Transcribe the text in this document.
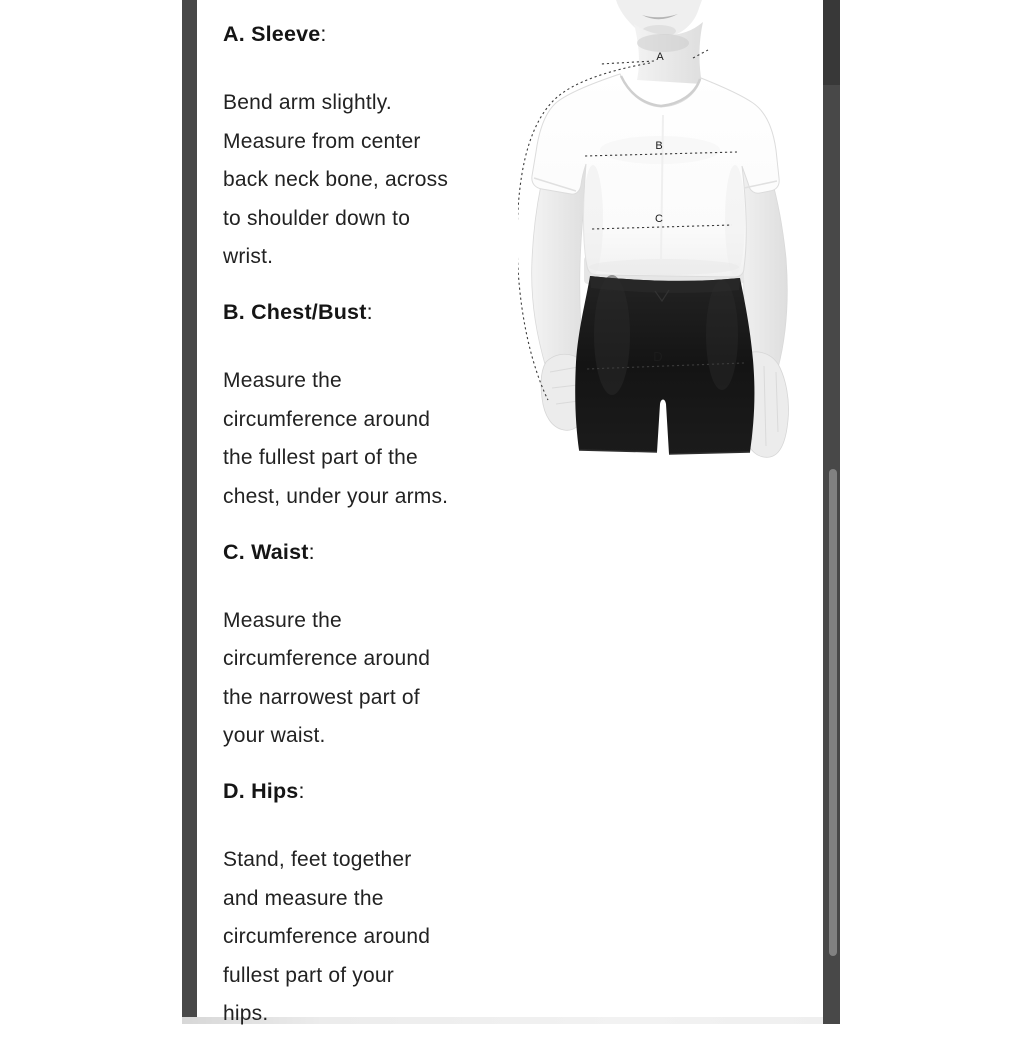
A. Sleeve:

Bend arm slightly.
Measure from center
back neck bone, across
to shoulder down to
wrist.

B. Chest/Bust:

Measure the
circumference around
the fullest part of the
chest, under your arms.

C. Waist:

Measure the
circumference around
the narrowest part of
your waist.

D. Hips:

Stand, feet together
and measure the
circumference around
fullest part of your
hips.

A
B
C
D
